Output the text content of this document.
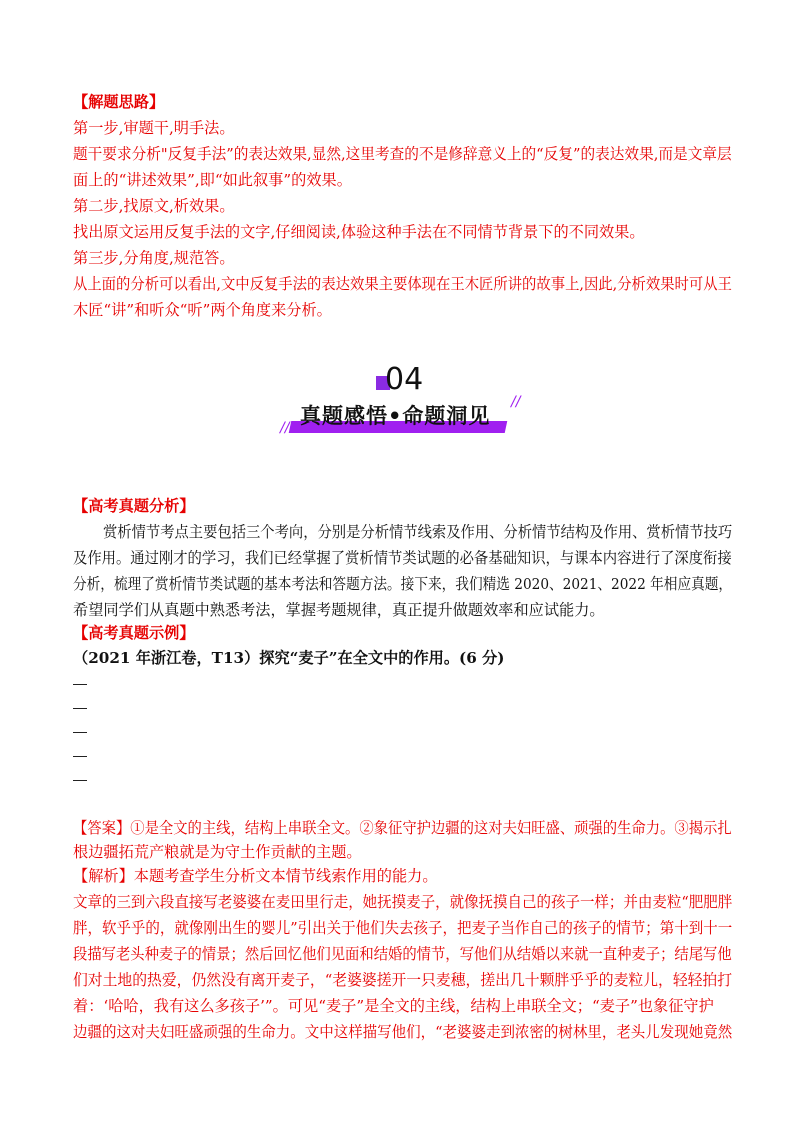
【解题思路】
第一步,审题干,明手法。
题干要求分析"反复手法”的表达效果,显然,这里考查的不是修辞意义上的“反复”的表达效果,而是文章层
面上的“讲述效果”,即“如此叙事”的效果。
第二步,找原文,析效果。
找出原文运用反复手法的文字,仔细阅读,体验这种手法在不同情节背景下的不同效果。
第三步,分角度,规范答。
从上面的分析可以看出,文中反复手法的表达效果主要体现在王木匠所讲的故事上,因此,分析效果时可从王
木匠“讲”和听众“听”两个角度来分析。
04
真题感悟•命题洞见
//
//
【高考真题分析】
赏析情节考点主要包括三个考向，分别是分析情节线索及作用、分析情节结构及作用、赏析情节技巧
及作用。通过刚才的学习，我们已经掌握了赏析情节类试题的必备基础知识，与课本内容进行了深度衔接
分析，梳理了赏析情节类试题的基本考法和答题方法。接下来，我们精选 2020、2021、2022 年相应真题，
希望同学们从真题中熟悉考法，掌握考题规律，真正提升做题效率和应试能力。
【高考真题示例】
（2021 年浙江卷，T13）探究“麦子”在全文中的作用。(6 分)
【答案】①是全文的主线，结构上串联全文。②象征守护边疆的这对夫妇旺盛、顽强的生命力。③揭示扎
根边疆拓荒产粮就是为守土作贡献的主题。
【解析】本题考查学生分析文本情节线索作用的能力。
文章的三到六段直接写老婆婆在麦田里行走，她抚摸麦子，就像抚摸自己的孩子一样；并由麦粒“肥肥胖
胖，软乎乎的，就像刚出生的婴儿”引出关于他们失去孩子，把麦子当作自己的孩子的情节；第十到十一
段描写老头种麦子的情景；然后回忆他们见面和结婚的情节，写他们从结婚以来就一直种麦子；结尾写他
们对土地的热爱，仍然没有离开麦子，“老婆婆搓开一只麦穗，搓出几十颗胖乎乎的麦粒儿，轻轻拍打
着：‘哈哈，我有这么多孩子’”。可见“麦子”是全文的主线，结构上串联全文；“麦子”也象征守护
边疆的这对夫妇旺盛顽强的生命力。文中这样描写他们，“老婆婆走到浓密的树林里，老头儿发现她竟然
